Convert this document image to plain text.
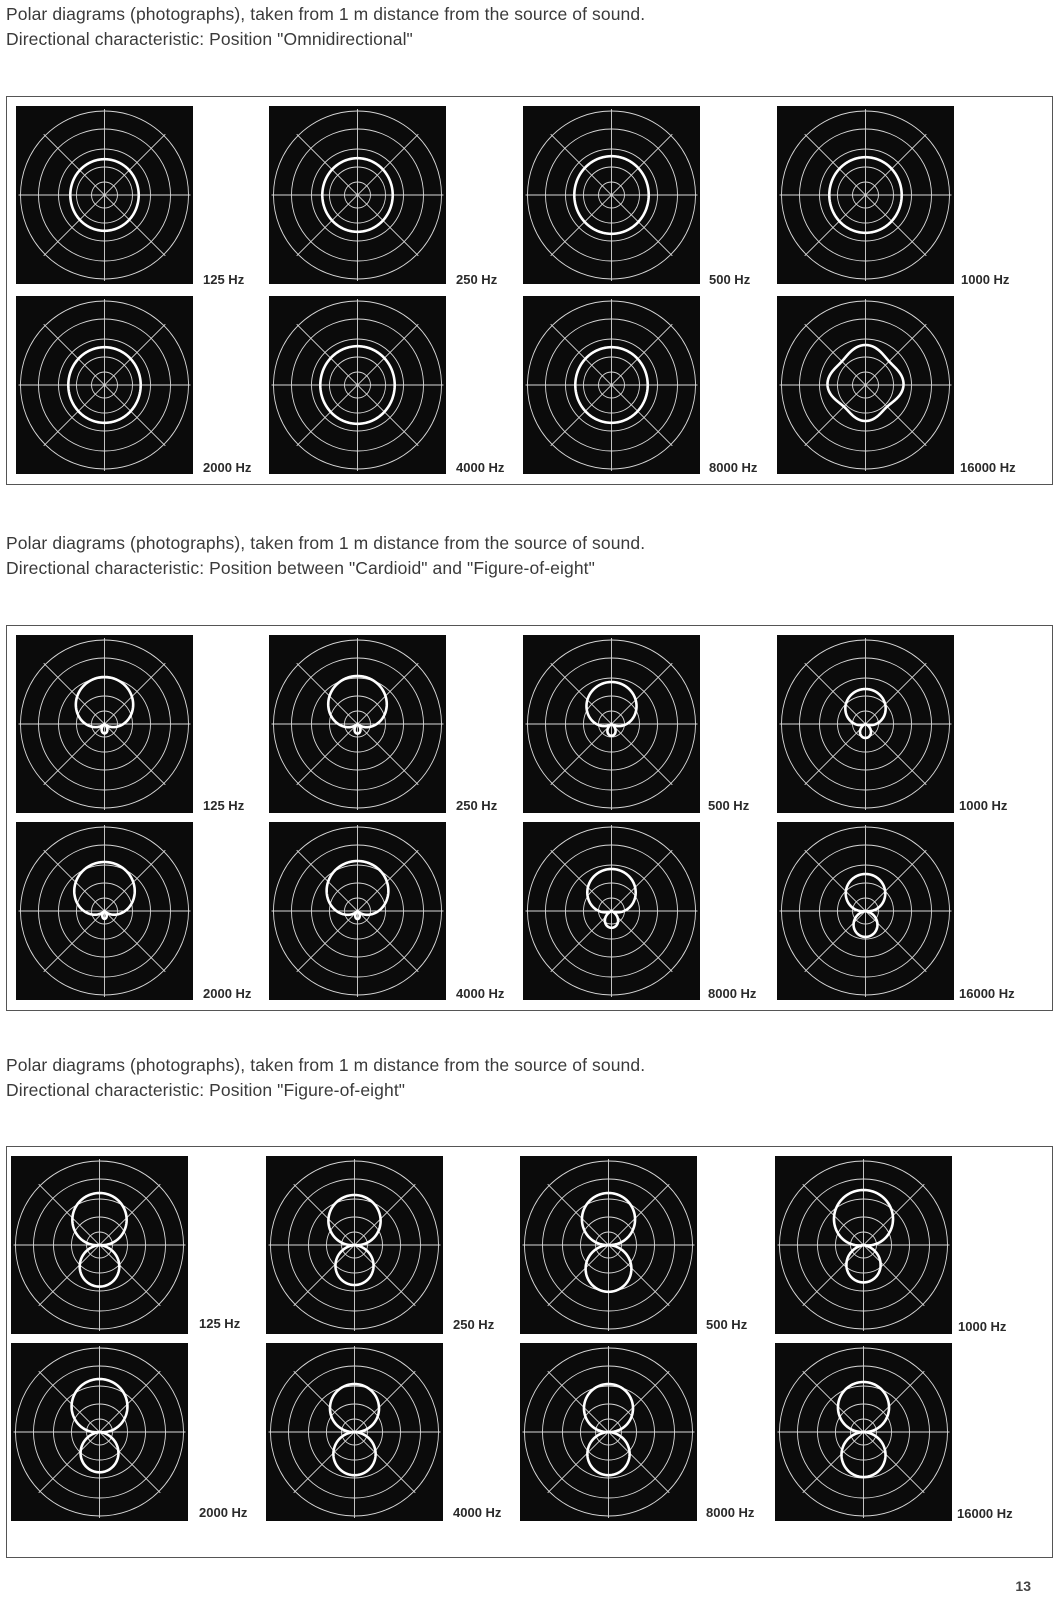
Polar diagrams (photographs), taken from 1 m distance from the source of sound.
Directional characteristic: Position "Omnidirectional"
125 Hz	250 Hz	500 Hz	1000 Hz
2000 Hz	4000 Hz	8000 Hz	16000 Hz
Polar diagrams (photographs), taken from 1 m distance from the source of sound.
Directional characteristic: Position between "Cardioid" and "Figure-of-eight"
125 Hz	250 Hz	500 Hz	1000 Hz
2000 Hz	4000 Hz	8000 Hz	16000 Hz
Polar diagrams (photographs), taken from 1 m distance from the source of sound.
Directional characteristic: Position "Figure-of-eight"
125 Hz	250 Hz	500 Hz	1000 Hz
2000 Hz	4000 Hz	8000 Hz	16000 Hz
13
